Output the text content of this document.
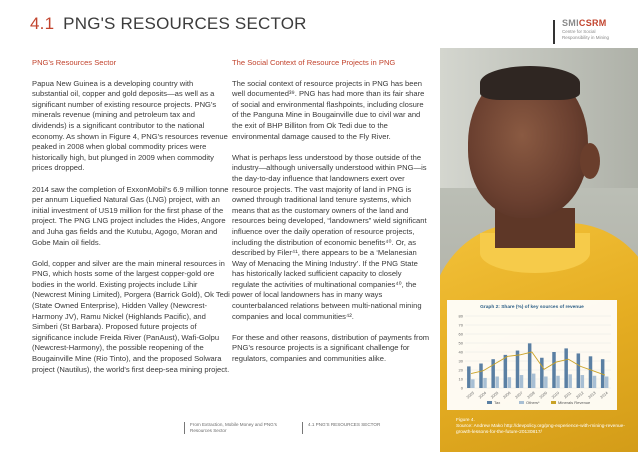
4.1 PNG'S RESOURCES SECTOR	SMICSRM
Centre for Social Responsibility in Mining
PNG's Resources Sector

Papua New Guinea is a developing country with substantial oil, copper and gold deposits—as well as a significant number of existing resource projects. PNG's minerals revenue (mining and petroleum tax and dividends) is a significant contributor to the national economy. As shown in Figure 4, PNG's resources revenue peaked in 2008 when global commodity prices were historically high, but plunged in 2009 when commodity prices dropped.

2014 saw the completion of ExxonMobil's 6.9 million tonne per annum Liquefied Natural Gas (LNG) project, with an initial investment of US19 million for the first phase of the project. The PNG LNG project includes the Hides, Angore and Juha gas fields and the Kutubu, Agogo, Moran and Gobe Main oil fields.

Gold, copper and silver are the main mineral resources in PNG, which hosts some of the largest copper-gold ore bodies in the world. Existing projects include Lihir (Newcrest Mining Limited), Porgera (Barrick Gold), Ok Tedi (State Owned Enterprise), Hidden Valley (Newcrest-Harmony JV), Ramu Nickel (Highlands Pacific), and Simberi (St Barbara). Proposed future projects of significance include Freida River (PanAust), Wafi-Golpu (Newcrest-Harmony), the possible reopening of the Bougainville Mine (Rio Tinto), and the proposed Solwara project (Nautilus), the world's first deep-sea mining project.

The Social Context of Resource Projects in PNG

The social context of resource projects in PNG has been well documented³⁹. PNG has had more than its fair share of social and environmental flashpoints, including closure of the Panguna Mine in Bougainville due to civil war and the exit of BHP Billiton from Ok Tedi due to the environmental damage caused to the Fly River.

What is perhaps less understood by those outside of the industry—although universally understood within PNG—is the day-to-day influence that landowners exert over resource projects. The vast majority of land in PNG is owned through traditional land tenure systems, which means that as the customary owners of the land and resources being developed, “landowners” wield significant influence over the daily operation of resource projects, including the distribution of economic benefits⁴⁰. Or, as described by Filer⁴¹, there appears to be a ‘Melanesian Way of Menacing the Mining Industry’. If the PNG State has historically lacked sufficient capacity to closely regulate the activities of multinational companies⁴⁰, the power of local landowners has in many ways counterbalanced relations between multi-national mining companies and local communities⁴².

For these and other reasons, distribution of payments from PNG's resource projects is a significant challenge for regulators, companies and communities alike.

Graph 2: Share (%) of key sources of revenue
80
70
60
50
40
30
20
10
0
2003 2004 2005 2006 2007 2008 2009 2010 2011 2012 2013 2014
Tax	Others*	Minerals Revenue
Figure 4.
Source: Andrew Mako http://devpolicy.org/png-experience-with-mining-revenue-growth-lessons-for-the-future-20130817/
From Extraction, Mobile Money and PNG's Resources Sector
4.1 PNG'S RESOURCES SECTOR
